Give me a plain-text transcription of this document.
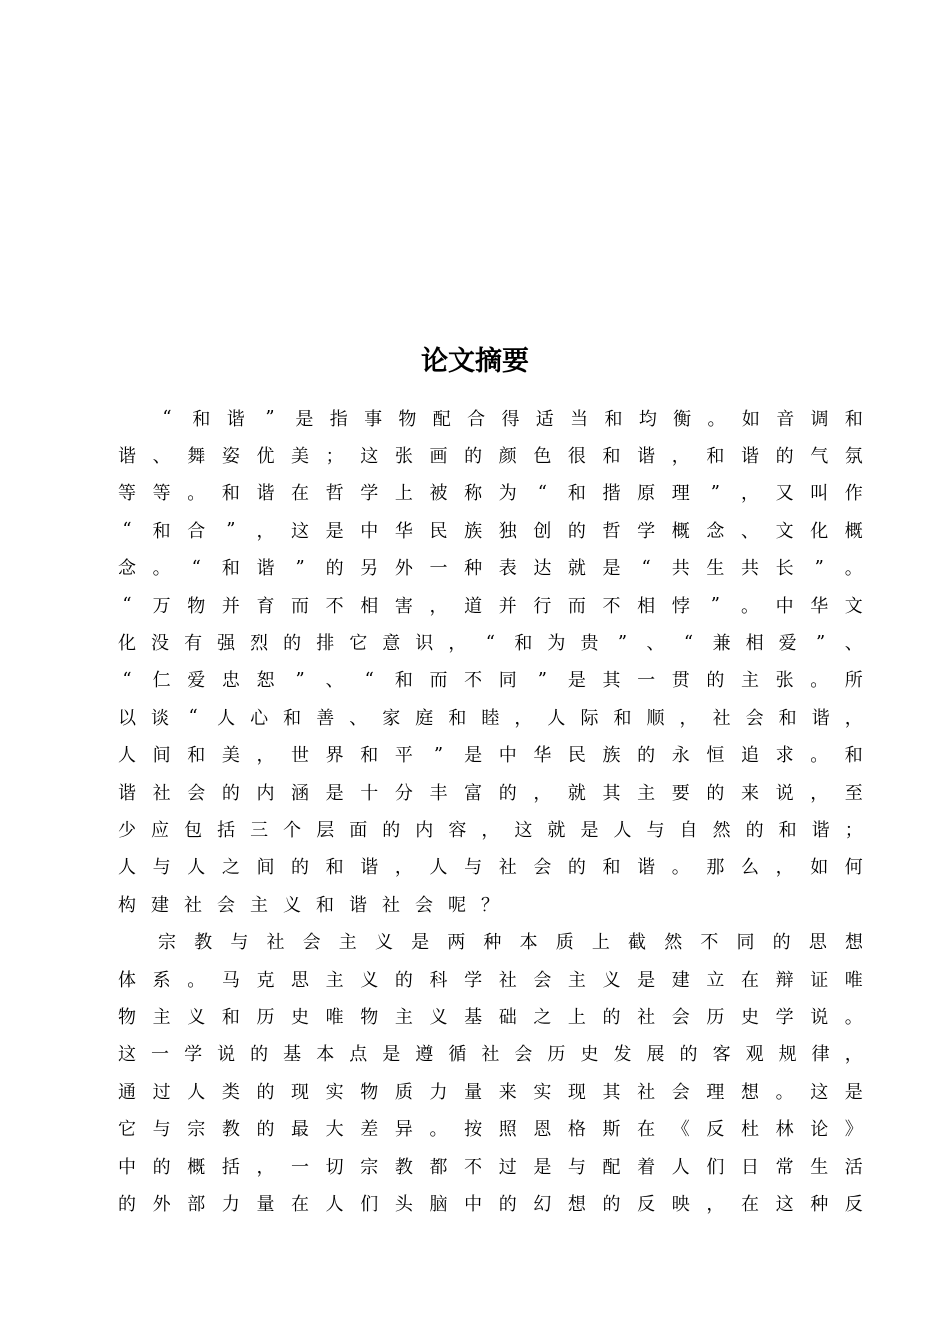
论文摘要
“ 和 谐 ” 是 指 事 物 配 合 得 适 当 和 均 衡 。 如 音 调 和
谐 、 舞 姿 优 美 ； 这 张 画 的 颜 色 很 和 谐 ， 和 谐 的 气 氛
等 等 。 和 谐 在 哲 学 上 被 称 为 “ 和 揩 原 理 ” ， 又 叫 作
“ 和 合 ” ， 这 是 中 华 民 族 独 创 的 哲 学 概 念 、 文 化 概
念 。 “ 和 谐 ” 的 另 外 一 种 表 达 就 是 “ 共 生 共 长 ” 。
“ 万 物 并 育 而 不 相 害 ， 道 并 行 而 不 相 悖 ” 。 中 华 文
化 没 有 强 烈 的 排 它 意 识 ， “ 和 为 贵 ” 、 “ 兼 相 爱 ” 、
“ 仁 爱 忠 恕 ” 、 “ 和 而 不 同 ” 是 其 一 贯 的 主 张 。 所
以 谈 “ 人 心 和 善 、 家 庭 和 睦 ， 人 际 和 顺 ， 社 会 和 谐 ，
人 间 和 美 ， 世 界 和 平 ” 是 中 华 民 族 的 永 恒 追 求 。 和
谐 社 会 的 内 涵 是 十 分 丰 富 的 ， 就 其 主 要 的 来 说 ， 至
少 应 包 括 三 个 层 面 的 内 容 ， 这 就 是 人 与 自 然 的 和 谐 ；
人 与 人 之 间 的 和 谐 ， 人 与 社 会 的 和 谐 。 那 么 ， 如 何
构 建 社 会 主 义 和 谐 社 会 呢 ？
宗 教 与 社 会 主 义 是 两 种 本 质 上 截 然 不 同 的 思 想
体 系 。 马 克 思 主 义 的 科 学 社 会 主 义 是 建 立 在 辩 证 唯
物 主 义 和 历 史 唯 物 主 义 基 础 之 上 的 社 会 历 史 学 说 。
这 一 学 说 的 基 本 点 是 遵 循 社 会 历 史 发 展 的 客 观 规 律 ，
通 过 人 类 的 现 实 物 质 力 量 来 实 现 其 社 会 理 想 。 这 是
它 与 宗 教 的 最 大 差 异 。 按 照 恩 格 斯 在 《 反 杜 林 论 》
中 的 概 括 ， 一 切 宗 教 都 不 过 是 与 配 着 人 们 日 常 生 活
的 外 部 力 量 在 人 们 头 脑 中 的 幻 想 的 反 映 ， 在 这 种 反
